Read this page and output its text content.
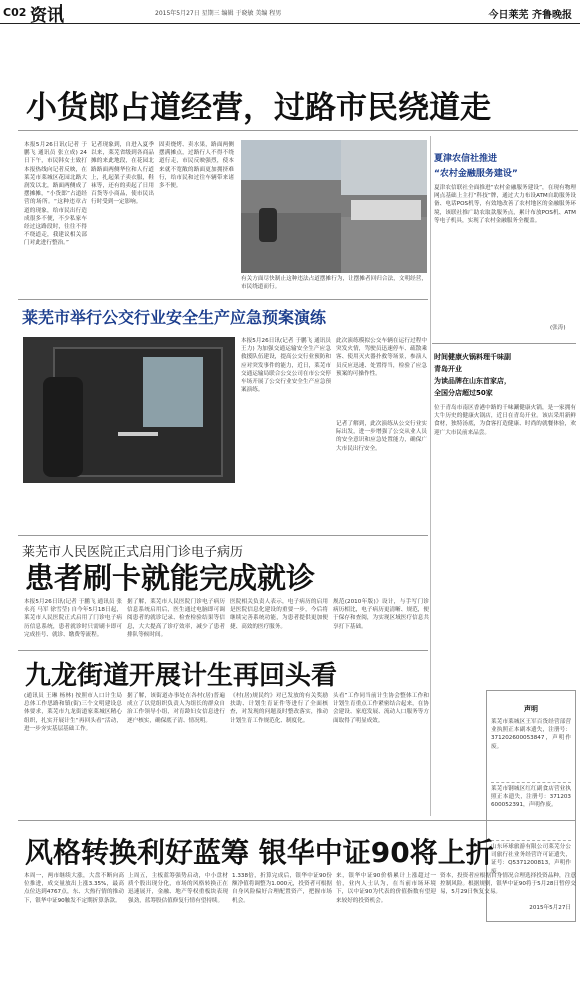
C02 资讯	2015年5月27日 星期三 编辑 于晓敏 美编 程男	今日莱芜 齐鲁晚报
小货郎占道经营，过路市民绕道走
本报5月26日讯(记者 于鹏飞 通讯员 张立成) 24日下午，市民韩女士致打本报热线向记者反映，在莱芜市莱城区花园北路大润发以北，路面两侧成了摆摊摊，“小货郎”占道经营的场所。“这种违章占道的现象，给市民出行造成很多不便，不少私家车经过这路段时，往往不得不绕道走，我建议相关部门对此进行整治。”
记者现象到，自进入夏季以来，莱芜省级到各商品摊的来此地段，在花园北路路面两侧华位和人行道上，扎起架子卖衣服，鞋袜等，还有的卖起了日用百货等小商品，使市民出行时受到一定影响。
固卖烧烤、卖水果，路面两侧摆满摊点，过路行人不得不绕道行走，市民反映强烈，使本来就不宽敞的路面更加拥挤难行，给市民和过往车辆带来诸多不便。
有关方面尽快制止这种违法占道摆摊行为，让摆摊者回归合法，文明经营，市民绕道而行。
夏津农信社推进
“农村金融服务建设”
夏津农信联社全面推进“农村金融服务建设”，在现有物理网点基础上主打“科技”牌，通过大力布设ATM自助服务设备、电话POS机等，有效地改善了农村地区的金融服务环境，该联社推广助农取款服务点，累计布放POS机、ATM等电子机具，实现了农村金融服务全覆盖。
(张涛)
时间健康火锅料理千味副
青岛开业
为读品牌在山东首家店，
全国分店超过50家
位于青岛市南区香港中路的千味涮健康火锅，是一家拥有大牛历史的健康火锅店，近日在青岛开业。该店采用新鲜食材，独特汤底，为食客打造健康、时尚的就餐体验，欢迎广大市民前来品尝。
声明
莱芜市莱城区王军百货经营部营业执照正本副本遗失，注册号：371202600053847，声明作废。
莱芜市钢城区红红副食店营业执照正本遗失，注册号：371203600052391，声明作废。
山东环球旅游有限公司莱芜分公司旅行社业务经营许可证遗失，证号：Q5371200813，声明作废。
2015年5月27日
莱芜市举行公交行业安全生产应急预案演练
本报5月26日讯(记者 于鹏飞 通讯员 王力) 为加强交通运输安全生产应急救援队伍建设，提高公交行业预防和应对突发事件的能力，近日，莱芜市交通运输局联合公交公司在市公交停车场开展了公交行业安全生产应急预案演练。
此次演练模拟公交车辆在运行过程中突发火情，驾驶员迅速停车、疏散乘客、使用灭火器扑救等场景，参演人员反应迅速、处置得当，检验了应急预案的可操作性。
记者了解到，此次演练从公交行业实际出发，进一步增强了公交从业人员的安全意识和应急处置能力，确保广大市民出行安全。
莱芜市人民医院正式启用门诊电子病历
患者刷卡就能完成就诊
本报5月26日讯(记者 于鹏飞 通讯员 张永亮 马军 徐雪莹) 自今年5月18日起，莱芜市人民医院正式启用了门诊电子病历信息系统，患者就诊时只需刷卡即可完成挂号、就诊、缴费等流程。
据了解，莱芜市人民医院门诊电子病历信息系统启用后，医生通过电脑即可调阅患者的就诊记录、检查检验结果等信息，大大提高了诊疗效率，减少了患者排队等候时间。
医院相关负责人表示，电子病历的启用是医院信息化建设的重要一步，今后将继续完善系统功能，为患者提供更加便捷、高效的医疗服务。
规范(2010年版)》设计，与手写门诊病历相比，电子病历更清晰、规范，便于保存和查阅，为实现区域医疗信息共享打下基础。
九龙街道开展计生再回头看
(通讯员 王琳 杨林) 按照市人口计生局总体工作思路和镇(街)三个文明建设总体要求，莱芜市九龙街道家莱城区精心组织，扎实开展计生“再回头看”活动，进一步夯实基层基础工作。
据了解，该街道办事处在各村(居)普遍成立了以党组织负责人为组长的群众自治工作领导小组，对育龄妇女信息进行逐户核实，确保底子清、情况明。
《村(居)规民约》对已发放的有关奖励扶助、计划生育证件等进行了全面核查，对发现的问题及时整改落实，推动计划生育工作规范化、制度化。
头看”工作同当前计生协会整体工作和计划生育重点工作紧密结合起来，在协会建设、家庭发展、流动人口服务等方面取得了明显成效。
风格转换利好蓝筹 银华中证90将上折
本周一，两市继续大涨，大盘不断向高位推进，成交量放出上涨3.35%，最高点位达到4767点，东、大热行情的推动下，银华中证90触发不定期折算条款。
上周五，主板蓝筹强势启动，中小盘材质个股出现分化，市场的风格转换正在迅速展开，金融、地产等权重板块表现强劲，蓝筹股估值修复行情有望持续。
1.338倍，折算完成后，银华中证90份额净值将调整为1.000元，投资者可根据自身风险偏好合理配置资产，把握市场机会。
来，银华中证90价格累计上涨超过一倍，业内人士认为，在当前市场环境下，以中证90为代表的价值指数有望迎来较好的投资机会。
资本，投资者应根据自身情况合理选择投资品种，注意控制风险。根据规则，银华中证90将于5月28日暂停交易，5月29日恢复交易。
